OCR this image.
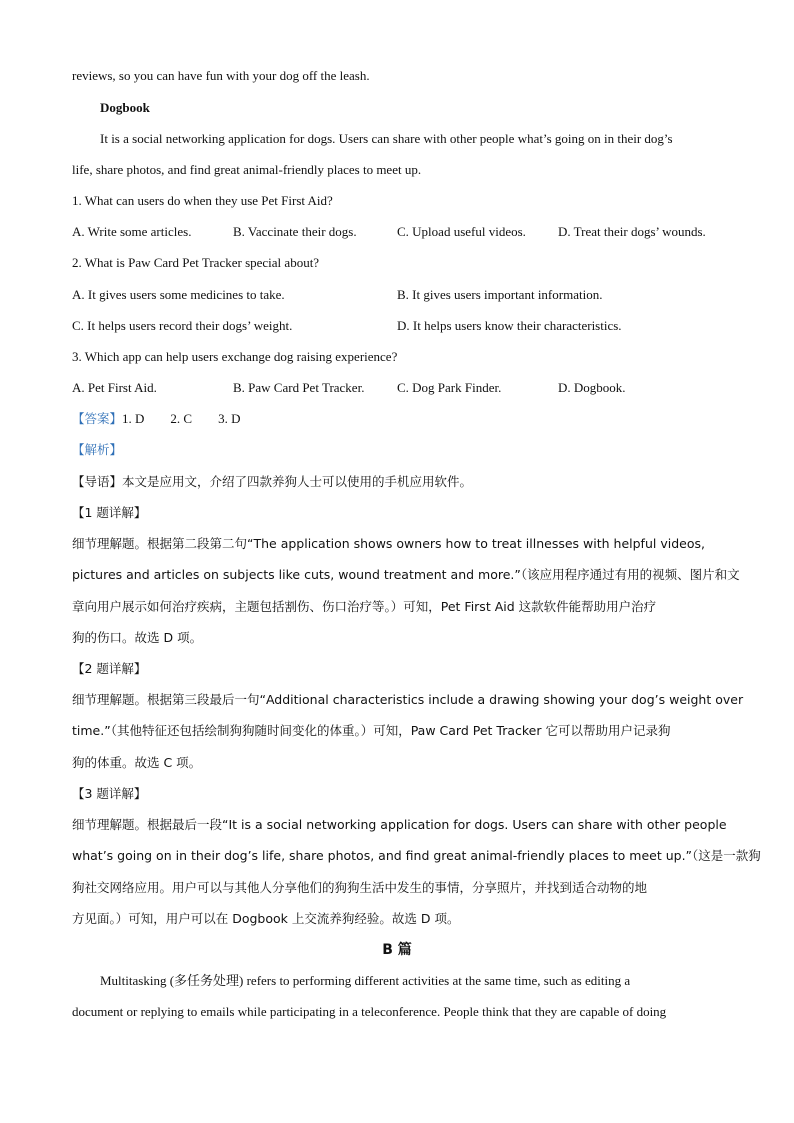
reviews, so you can have fun with your dog off the leash.
Dogbook
It is a social networking application for dogs. Users can share with other people what’s going on in their dog’s
life, share photos, and find great animal-friendly places to meet up.
1. What can users do when they use Pet First Aid?
A. Write some articles.	B. Vaccinate their dogs.	C. Upload useful videos. D. Treat their dogs’ wounds.
2. What is Paw Card Pet Tracker special about?
A. It gives users some medicines to take.	B. It gives users important information.
C. It helps users record their dogs’ weight.	D. It helps users know their characteristics.
3. Which app can help users exchange dog raising experience?
A. Pet First Aid.	B. Paw Card Pet Tracker.	C. Dog Park Finder.	D. Dogbook.
【答案】1. D        2. C        3. D
【解析】
【导语】本文是应用文，介绍了四款养狗人士可以使用的手机应用软件。
【1 题详解】
细节理解题。根据第二段第二句“The application shows owners how to treat illnesses with helpful videos,
pictures and articles on subjects like cuts, wound treatment and more.”（该应用程序通过有用的视频、图片和文
章向用户展示如何治疗疾病，主题包括割伤、伤口治疗等。）可知，Pet First Aid 这款软件能帮助用户治疗
狗的伤口。故选 D 项。
【2 题详解】
细节理解题。根据第三段最后一句“Additional characteristics include a drawing showing your dog’s weight over
time.”（其他特征还包括绘制狗狗随时间变化的体重。）可知，Paw Card Pet Tracker 它可以帮助用户记录狗
狗的体重。故选 C 项。
【3 题详解】
细节理解题。根据最后一段“It is a social networking application for dogs. Users can share with other people
what’s going on in their dog’s life, share photos, and find great animal-friendly places to meet up.”（这是一款狗
狗社交网络应用。用户可以与其他人分享他们的狗狗生活中发生的事情，分享照片，并找到适合动物的地
方见面。）可知，用户可以在 Dogbook 上交流养狗经验。故选 D 项。
B 篇
Multitasking (多任务处理) refers to performing different activities at the same time, such as editing a
document or replying to emails while participating in a teleconference. People think that they are capable of doing
